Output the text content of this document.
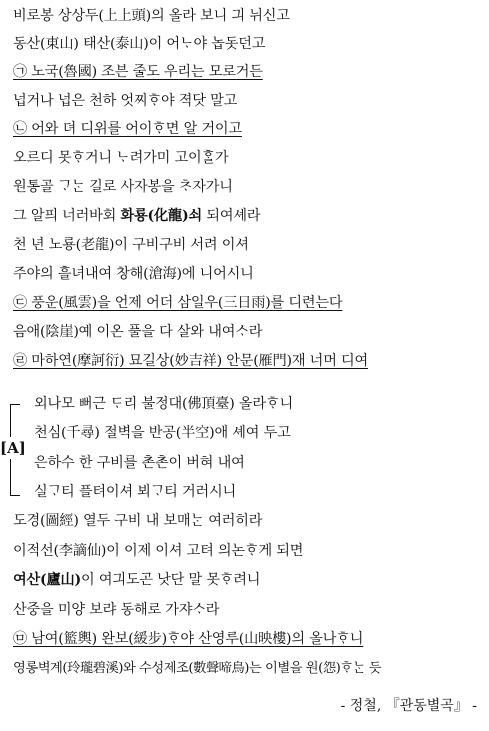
비로봉 상상두(上上頭)의 올라 보니 긔 뉘신고
동산(東山) 태산(泰山)이 어ᄂᆞ야 놉돗던고
㉠ 노국(魯國) 조븐 줄도 우리는 모로거든
넙거나 넙은 천하 엇찌ᄒᆞ야 젹닷 말고
㉡ 어와 뎌 디위를 어이ᄒᆞ면 알 거이고
오르디 못ᄒᆞ거니 ᄂᆞ려가미 고이ᄒᆞᆯ가
원통골 ᄀᆞᄂᆞᆫ 길로 사자봉을 ᄎᆞ자가니
그 알픠 너러바회 화룡(化龍)쇠 되여셰라
천 년 노룡(老龍)이 구비구비 서려 이셔
주야의 흘녀내여 창해(滄海)에 니어시니
㉢ 풍운(風雲)을 언제 어더 삼일우(三日雨)를 디련는다
음애(陰崖)예 이온 풀을 다 살와 내여ᄉᆞ라
㉣ 마하연(摩訶衍) 묘길상(妙吉祥) 안문(雁門)재 너머 디여
[A]
외나모 뻐근 ᄃᆞ리 불정대(佛頂臺) 올라ᄒᆞ니
천심(千尋) 절벽을 반공(半空)애 셰여 두고
은하수 한 구비를 촌촌이 버혀 내여
실ᄀᆞ티 플텨이셔 뵈ᄀᆞ티 거러시니
도경(圖經) 열두 구비 내 보매ᄂᆞᆫ 여러히라
이적선(李謫仙)이 이제 이셔 고텨 의논ᄒᆞ게 되면
여산(廬山)이 여긔도곤 낫단 말 못ᄒᆞ려니
산중을 미양 보랴 동해로 가쟈ᄉᆞ라
㉤ 남여(籃輿) 완보(緩步)ᄒᆞ야 산영루(山映樓)의 올나ᄒᆞ니
영롱벽계(玲瓏碧溪)와 수성제조(數聲啼鳥)는 이별을 원(怨)ᄒᆞᄂᆞᆫ 듯
- 정철, 『관동별곡』 -
